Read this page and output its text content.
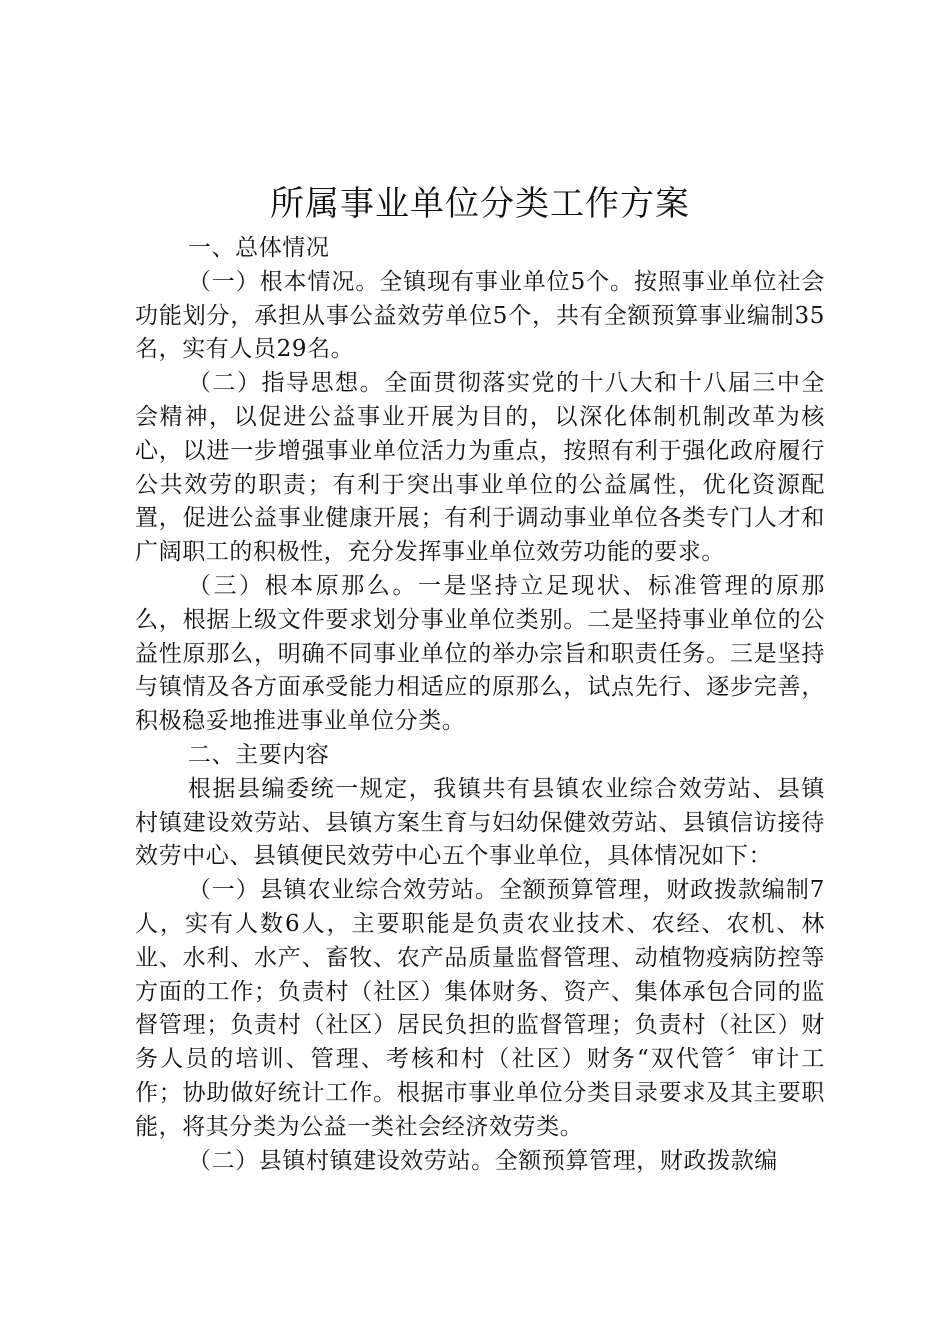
所属事业单位分类工作方案

一、总体情况

（一）根本情况。全镇现有事业单位5个。按照事业单位社会功能划分，承担从事公益效劳单位5个，共有全额预算事业编制35名，实有人员29名。

（二）指导思想。全面贯彻落实党的十八大和十八届三中全会精神，以促进公益事业开展为目的，以深化体制机制改革为核心，以进一步增强事业单位活力为重点，按照有利于强化政府履行公共效劳的职责；有利于突出事业单位的公益属性，优化资源配置，促进公益事业健康开展；有利于调动事业单位各类专门人才和广阔职工的积极性，充分发挥事业单位效劳功能的要求。

（三）根本原那么。一是坚持立足现状、标准管理的原那么，根据上级文件要求划分事业单位类别。二是坚持事业单位的公益性原那么，明确不同事业单位的举办宗旨和职责任务。三是坚持与镇情及各方面承受能力相适应的原那么，试点先行、逐步完善，积极稳妥地推进事业单位分类。

二、主要内容

根据县编委统一规定，我镇共有县镇农业综合效劳站、县镇村镇建设效劳站、县镇方案生育与妇幼保健效劳站、县镇信访接待效劳中心、县镇便民效劳中心五个事业单位，具体情况如下：

（一）县镇农业综合效劳站。全额预算管理，财政拨款编制7人，实有人数6人，主要职能是负责农业技术、农经、农机、林业、水利、水产、畜牧、农产品质量监督管理、动植物疫病防控等方面的工作；负责村（社区）集体财务、资产、集体承包合同的监督管理；负责村（社区）居民负担的监督管理；负责村（社区）财务人员的培训、管理、考核和村（社区）财务“双代管〞审计工作；协助做好统计工作。根据市事业单位分类目录要求及其主要职能，将其分类为公益一类社会经济效劳类。

（二）县镇村镇建设效劳站。全额预算管理，财政拨款编
